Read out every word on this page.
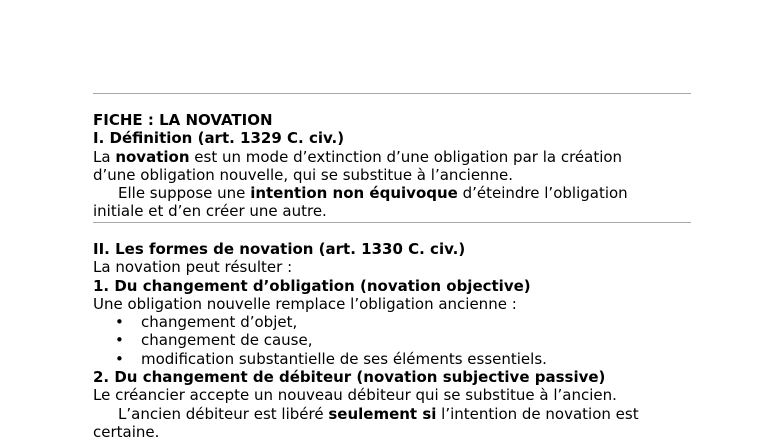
FICHE : LA NOVATION
I. Définition (art. 1329 C. civ.)
La novation est un mode d’extinction d’une obligation par la création
d’une obligation nouvelle, qui se substitue à l’ancienne.
Elle suppose une intention non équivoque d’éteindre l’obligation
initiale et d’en créer une autre.
II. Les formes de novation (art. 1330 C. civ.)
La novation peut résulter :
1. Du changement d’obligation (novation objective)
Une obligation nouvelle remplace l’obligation ancienne :
• changement d’objet,
• changement de cause,
• modification substantielle de ses éléments essentiels.
2. Du changement de débiteur (novation subjective passive)
Le créancier accepte un nouveau débiteur qui se substitue à l’ancien.
L’ancien débiteur est libéré seulement si l’intention de novation est
certaine.
